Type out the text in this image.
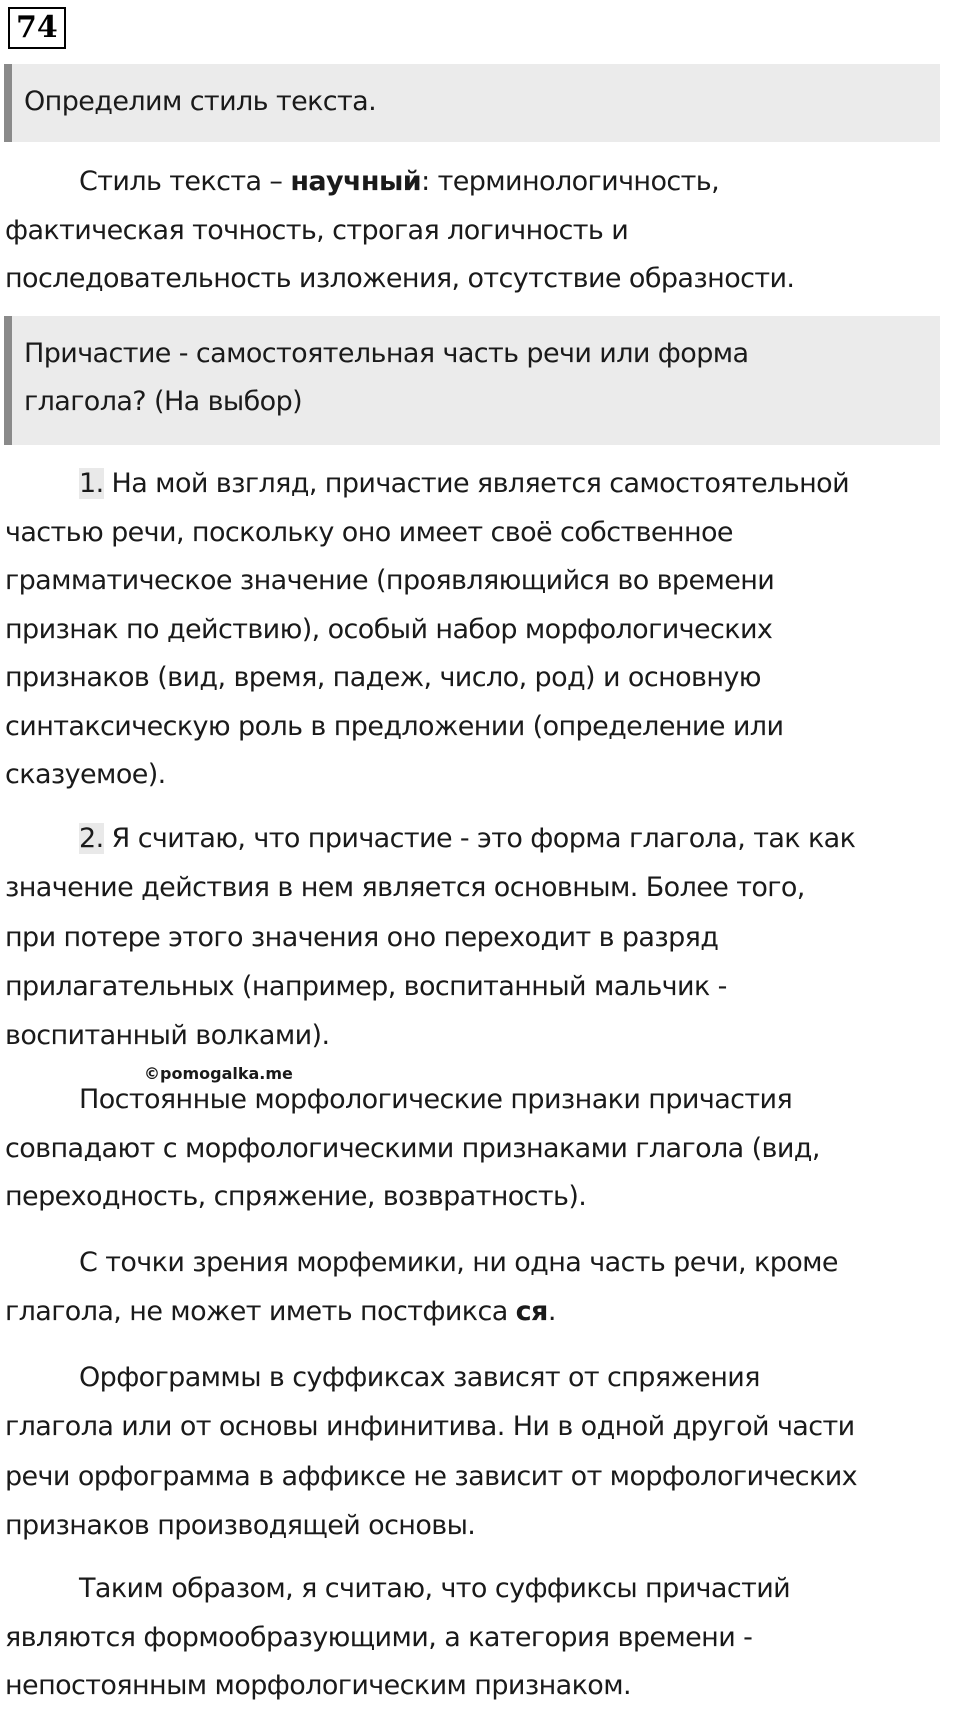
74
Определим стиль текста.

Стиль текста – научный: терминологичность,
фактическая точность, строгая логичность и
последовательность изложения, отсутствие образности.

Причастие - самостоятельная часть речи или форма
глагола? (На выбор)

1. На мой взгляд, причастие является самостоятельной
частью речи, поскольку оно имеет своё собственное
грамматическое значение (проявляющийся во времени
признак по действию), особый набор морфологических
признаков (вид, время, падеж, число, род) и основную
синтаксическую роль в предложении (определение или
сказуемое).

2. Я считаю, что причастие - это форма глагола, так как
значение действия в нем является основным. Более того,
при потере этого значения оно переходит в разряд
прилагательных (например, воспитанный мальчик -
воспитанный волками).

©pomogalka.me

Постоянные морфологические признаки причастия
совпадают с морфологическими признаками глагола (вид,
переходность, спряжение, возвратность).

С точки зрения морфемики, ни одна часть речи, кроме
глагола, не может иметь постфикса ся.

Орфограммы в суффиксах зависят от спряжения
глагола или от основы инфинитива. Ни в одной другой части
речи орфограмма в аффиксе не зависит от морфологических
признаков производящей основы.

Таким образом, я считаю, что суффиксы причастий
являются формообразующими, а категория времени -
непостоянным морфологическим признаком.
